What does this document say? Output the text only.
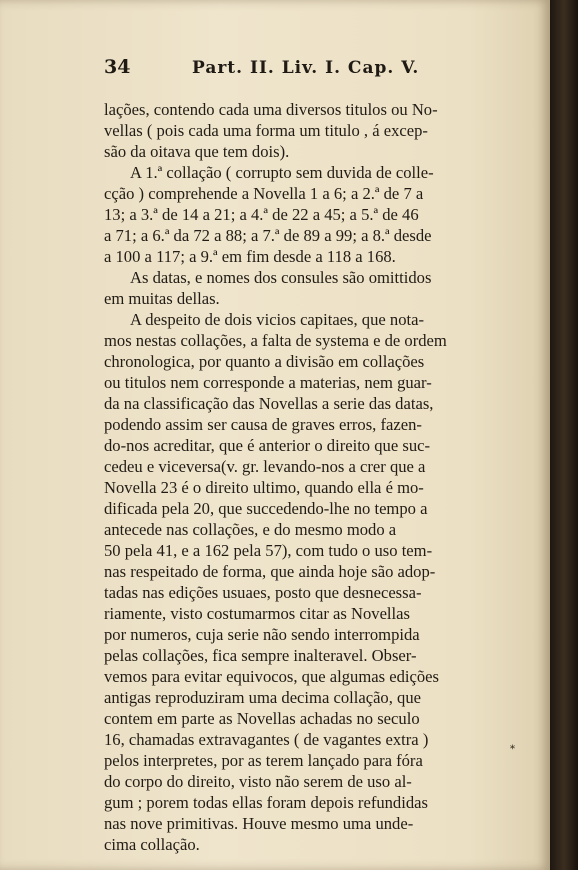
34	Part. II. Liv. I. Cap. V.
lações, contendo cada uma diversos titulos ou No-
vellas ( pois cada uma forma um titulo , á excep-
são da oitava que tem dois).
A 1.ª collação ( corrupto sem duvida de colle-
cção ) comprehende a Novella 1 a 6; a 2.ª de 7 a
13; a 3.ª de 14 a 21; a 4.ª de 22 a 45; a 5.ª de 46
a 71; a 6.ª da 72 a 88; a 7.ª de 89 a 99; a 8.ª desde
a 100 a 117; a 9.ª em fim desde a 118 a 168.
As datas, e nomes dos consules são omittidos
em muitas dellas.
A despeito de dois vicios capitaes, que nota-
mos nestas collações, a falta de systema e de ordem
chronologica, por quanto a divisão em collações
ou titulos nem corresponde a materias, nem guar-
da na classificação das Novellas a serie das datas,
podendo assim ser causa de graves erros, fazen-
do-nos acreditar, que é anterior o direito que suc-
cedeu e viceversa(v. gr. levando-nos a crer que a
Novella 23 é o direito ultimo, quando ella é mo-
dificada pela 20, que succedendo-lhe no tempo a
antecede nas collações, e do mesmo modo a
50 pela 41, e a 162 pela 57), com tudo o uso tem-
nas respeitado de forma, que ainda hoje são adop-
tadas nas edições usuaes, posto que desnecessa-
riamente, visto costumarmos citar as Novellas
por numeros, cuja serie não sendo interrompida
pelas collações, fica sempre inalteravel. Obser-
vemos para evitar equivocos, que algumas edições
antigas reproduziram uma decima collação, que
contem em parte as Novellas achadas no seculo
16, chamadas extravagantes ( de vagantes extra )
pelos interpretes, por as terem lançado para fóra
do corpo do direito, visto não serem de uso al-
gum ; porem todas ellas foram depois refundidas
nas nove primitivas. Houve mesmo uma unde-
cima collação.
*
